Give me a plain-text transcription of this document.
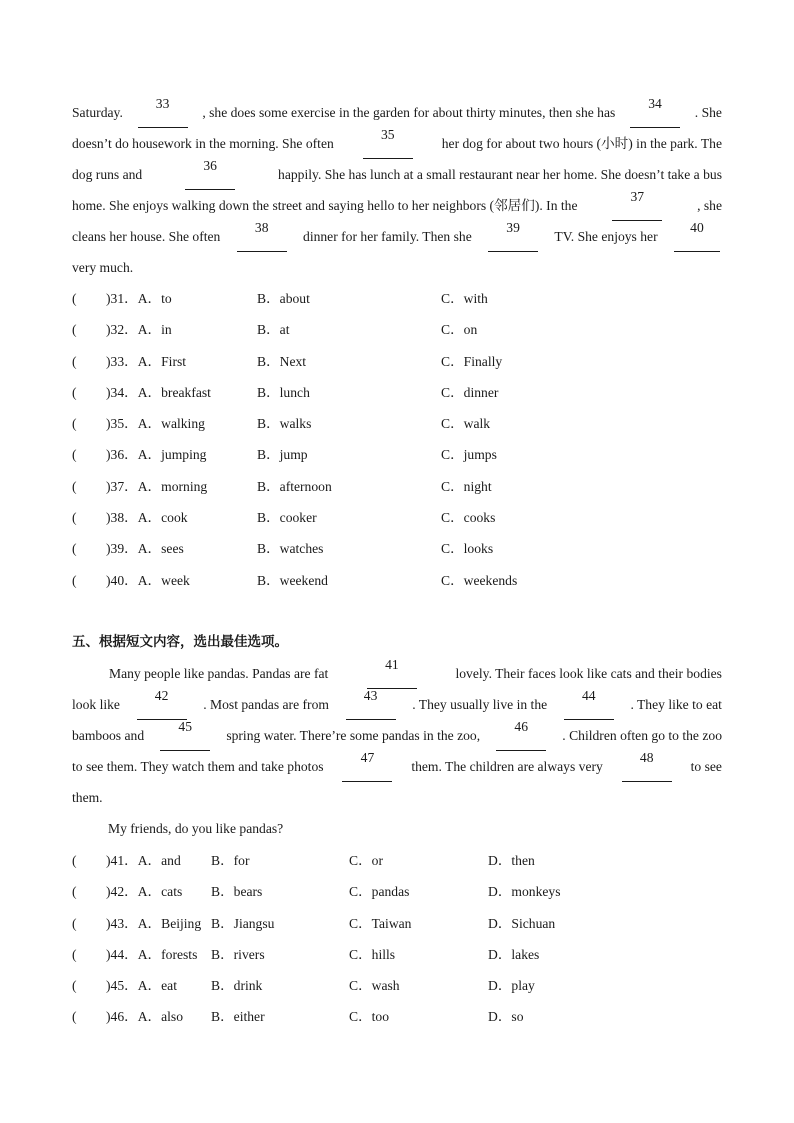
Saturday.
33
, she does some exercise in the garden for about thirty minutes, then she has
34
. She
doesn’t do housework in the morning. She often
35
her dog for about two hours (小时) in the park. The
dog runs and
36
happily. She has lunch at a small restaurant near her home. She doesn’t take a bus
home. She enjoys walking down the street and saying hello to her neighbors (邻居们). In the
37
, she
cleans her house. She often
38
dinner for her family. Then she
39
TV. She enjoys her
40
very much.
( )31．A．to	B．about	C．with
( )32．A．in	B．at	C．on
( )33．A．First	B．Next	C．Finally
( )34．A．breakfast	B．lunch	C．dinner
( )35．A．walking	B．walks	C．walk
( )36．A．jumping	B．jump	C．jumps
( )37．A．morning	B．afternoon	C．night
( )38．A．cook	B．cooker	C．cooks
( )39．A．sees	B．watches	C．looks
( )40．A．week	B．weekend	C．weekends
五、根据短文内容，选出最佳选项。
Many people like pandas. Pandas are fat
41
lovely. Their faces look like cats and their bodies
look like
42
. Most pandas are from
43
. They usually live in the
44
. They like to eat
bamboos and
45
spring water. There’re some pandas in the zoo,
46
. Children often go to the zoo
to see them. They watch them and take photos
47
them. The children are always very
48
to see
them.
My friends, do you like pandas?
( )41．A．and B．for	C．or	D．then
( )42．A．cats B．bears	C．pandas	D．monkeys
( )43．A．Beijing B．Jiangsu	C．Taiwan	D．Sichuan
( )44．A．forests B．rivers	C．hills	D．lakes
( )45．A．eat	B．drink	C．wash	D．play
( )46．A．also B．either	C．too	D．so
